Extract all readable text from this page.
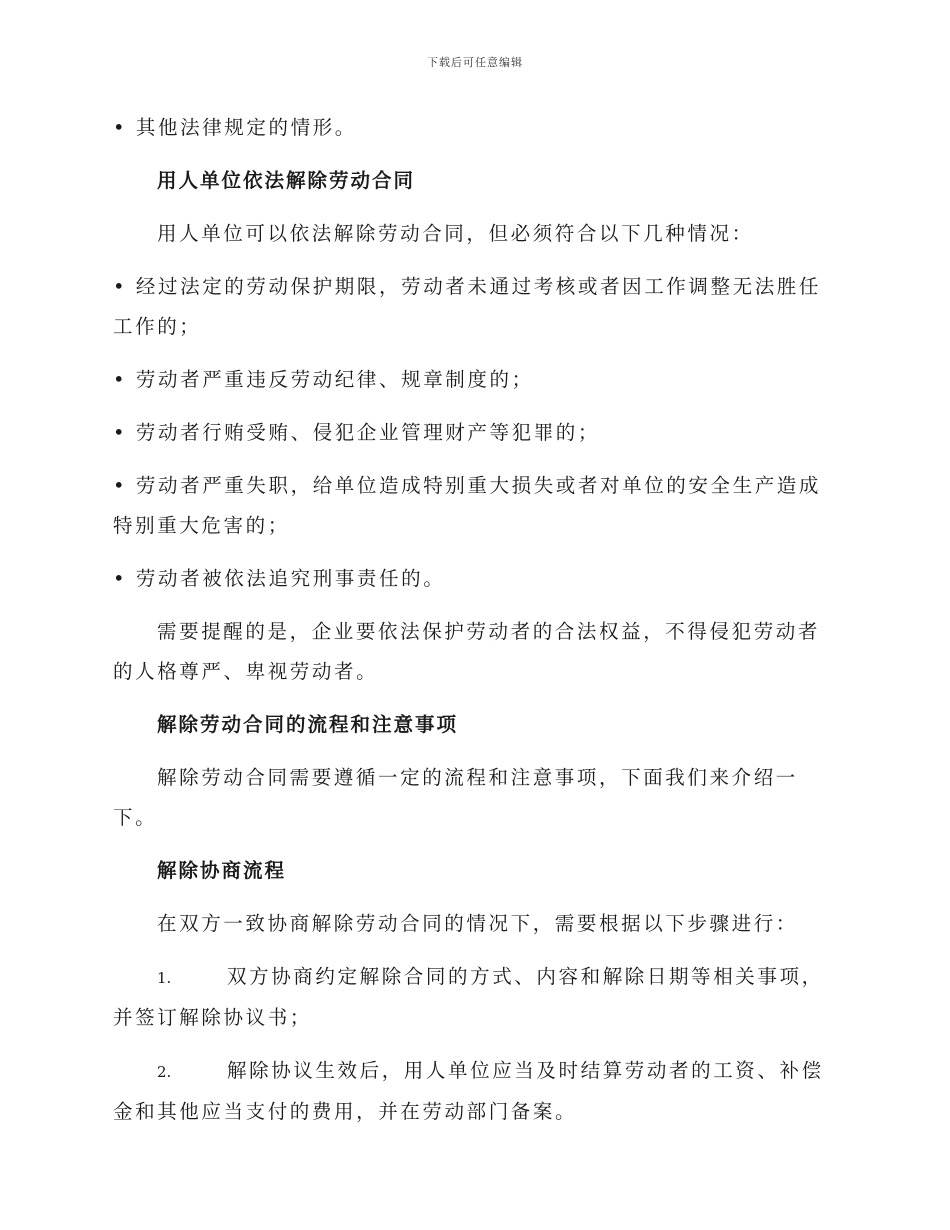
下载后可任意编辑

• 其他法律规定的情形。

用人单位依法解除劳动合同

用人单位可以依法解除劳动合同，但必须符合以下几种情况：

• 经过法定的劳动保护期限，劳动者未通过考核或者因工作调整无法胜任工作的；

• 劳动者严重违反劳动纪律、规章制度的；

• 劳动者行贿受贿、侵犯企业管理财产等犯罪的；

• 劳动者严重失职，给单位造成特别重大损失或者对单位的安全生产造成特别重大危害的；

• 劳动者被依法追究刑事责任的。

需要提醒的是，企业要依法保护劳动者的合法权益，不得侵犯劳动者的人格尊严、卑视劳动者。

解除劳动合同的流程和注意事项

解除劳动合同需要遵循一定的流程和注意事项，下面我们来介绍一下。

解除协商流程

在双方一致协商解除劳动合同的情况下，需要根据以下步骤进行：

1.	双方协商约定解除合同的方式、内容和解除日期等相关事项，并签订解除协议书；

2.	解除协议生效后，用人单位应当及时结算劳动者的工资、补偿金和其他应当支付的费用，并在劳动部门备案。
